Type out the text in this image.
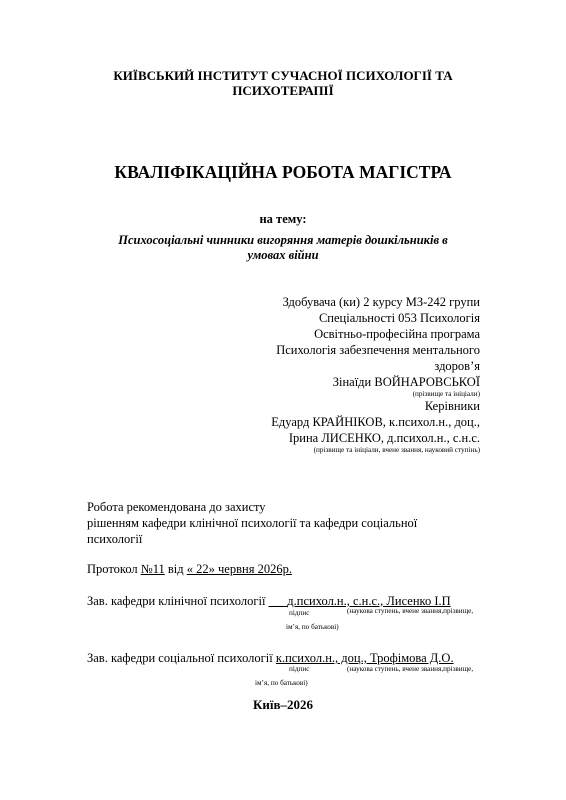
КИЇВСЬКИЙ ІНСТИТУТ СУЧАСНОЇ ПСИХОЛОГІЇ ТА
ПСИХОТЕРАПІЇ
КВАЛІФІКАЦІЙНА РОБОТА МАГІСТРА
на тему:
Психосоціальні чинники вигоряння матерів дошкільників в
умовах війни
Здобувача (ки) 2 курсу МЗ-242 групи
Спеціальності 053 Психологія
Освітньо-професійна програма
Психологія забезпечення ментального
здоров’я
Зінаїди ВОЙНАРОВСЬКОЇ
(прізвище та ініціали)
Керівники
Едуард КРАЙНІКОВ, к.психол.н., доц.,
Ірина ЛИСЕНКО, д.психол.н., с.н.с.
(прізвище та ініціали, вчене звання, науковий ступінь)
Робота рекомендована до захисту
рішенням кафедри клінічної психології та кафедри соціальної
психології
Протокол №11 від « 22» червня 2026р.
Зав. кафедри клінічної психології ___д.психол.н., с.н.с., Лисенко І.П
підпис	(наукова ступень, вчене звання,прізвище,
ім’я, по батькові)
Зав. кафедри соціальної психології к.психол.н., доц., Трофімова Д.О.
підпис	(наукова ступень, вчене звання,прізвище,
ім’я, по батькові)
Київ–2026
